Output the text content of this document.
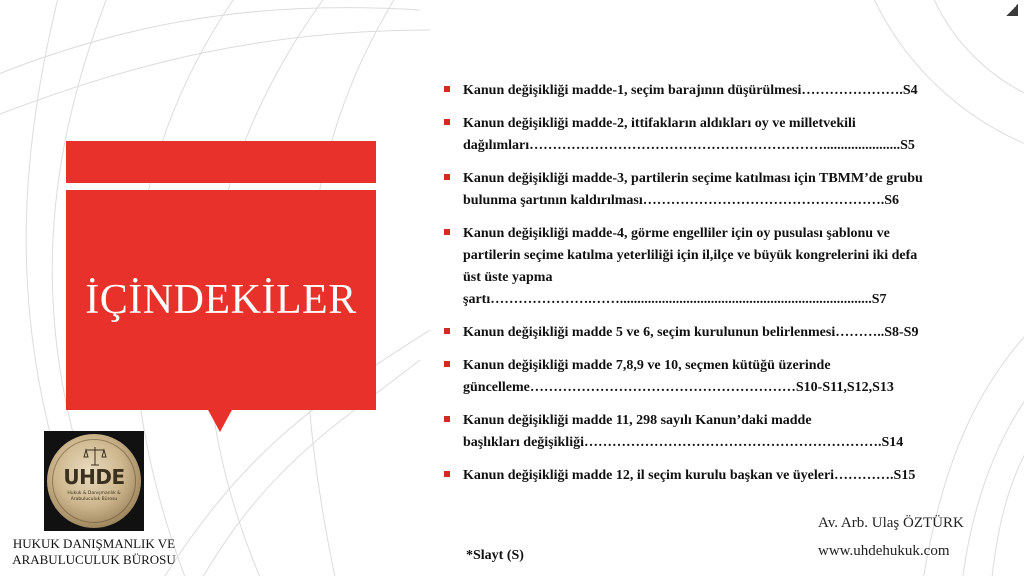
İÇİNDEKİLER
UHDE
Hukuk & Danışmanlık & Arabuluculuk Bürosu
HUKUK DANIŞMANLIK VE
ARABULUCULUK BÜROSU
Kanun değişikliği madde-1, seçim barajının düşürülmesi………………….S4
Kanun değişikliği madde-2, ittifakların aldıkları oy ve milletvekili
dağılımları………………………………………………………......................S5
Kanun değişikliği madde-3, partilerin seçime katılması için TBMM’de grubu
bulunma şartının kaldırılması…………………………………………….S6
Kanun değişikliği madde-4, görme engelliler için oy pusulası şablonu ve
partilerin seçime katılma yeterliliği için il,ilçe ve büyük kongrelerini iki defa
üst üste yapma
şartı………………….……........................................................................S7
Kanun değişikliği madde 5 ve 6, seçim kurulunun belirlenmesi………..S8-S9
Kanun değişikliği madde 7,8,9 ve 10, seçmen kütüğü üzerinde
güncelleme…………………………………………………S10-S11,S12,S13
Kanun değişikliği madde 11, 298 sayılı Kanun’daki madde
başlıkları değişikliği……………………………………………………….S14
Kanun değişikliği madde 12, il seçim kurulu başkan ve üyeleri………….S15
*Slayt (S)
Av. Arb. Ulaş ÖZTÜRK
www.uhdehukuk.com
